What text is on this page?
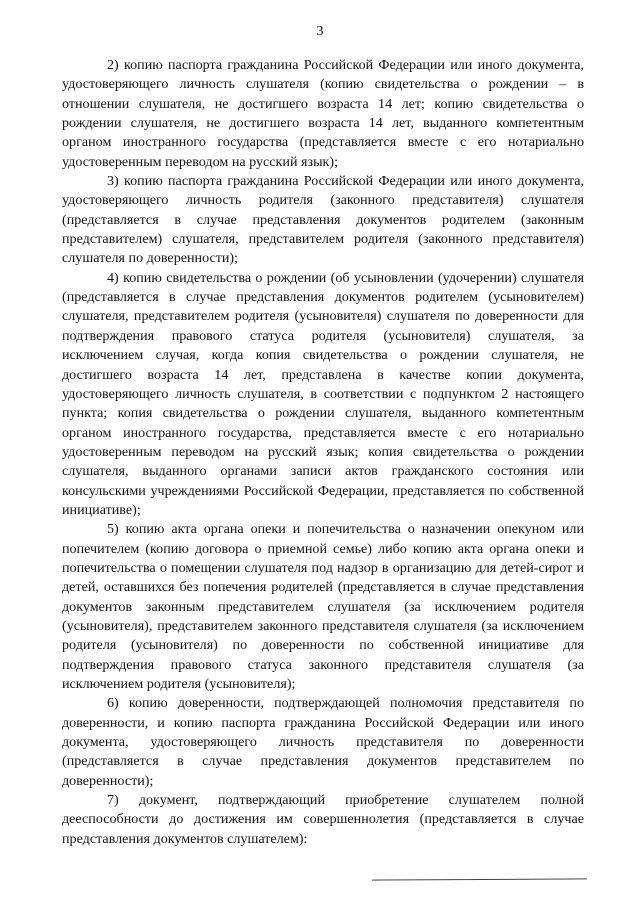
3

2) копию паспорта гражданина Российской Федерации или иного документа, удостоверяющего личность слушателя (копию свидетельства о рождении – в отношении слушателя, не достигшего возраста 14 лет; копию свидетельства о рождении слушателя, не достигшего возраста 14 лет, выданного компетентным органом иностранного государства (представляется вместе с его нотариально удостоверенным переводом на русский язык);

3) копию паспорта гражданина Российской Федерации или иного документа, удостоверяющего личность родителя (законного представителя) слушателя (представляется в случае представления документов родителем (законным представителем) слушателя, представителем родителя (законного представителя) слушателя по доверенности);

4) копию свидетельства о рождении (об усыновлении (удочерении) слушателя (представляется в случае представления документов родителем (усыновителем) слушателя, представителем родителя (усыновителя) слушателя по доверенности для подтверждения правового статуса родителя (усыновителя) слушателя, за исключением случая, когда копия свидетельства о рождении слушателя, не достигшего возраста 14 лет, представлена в качестве копии документа, удостоверяющего личность слушателя, в соответствии с подпунктом 2 настоящего пункта; копия свидетельства о рождении слушателя, выданного компетентным органом иностранного государства, представляется вместе с его нотариально удостоверенным переводом на русский язык; копия свидетельства о рождении слушателя, выданного органами записи актов гражданского состояния или консульскими учреждениями Российской Федерации, представляется по собственной инициативе);

5) копию акта органа опеки и попечительства о назначении опекуном или попечителем (копию договора о приемной семье) либо копию акта органа опеки и попечительства о помещении слушателя под надзор в организацию для детей-сирот и детей, оставшихся без попечения родителей (представляется в случае представления документов законным представителем слушателя (за исключением родителя (усыновителя), представителем законного представителя слушателя (за исключением родителя (усыновителя) по доверенности по собственной инициативе для подтверждения правового статуса законного представителя слушателя (за исключением родителя (усыновителя);

6) копию доверенности, подтверждающей полномочия представителя по доверенности, и копию паспорта гражданина Российской Федерации или иного документа, удостоверяющего личность представителя по доверенности (представляется в случае представления документов представителем по доверенности);

7) документ, подтверждающий приобретение слушателем полной дееспособности до достижения им совершеннолетия (представляется в случае представления документов слушателем):
